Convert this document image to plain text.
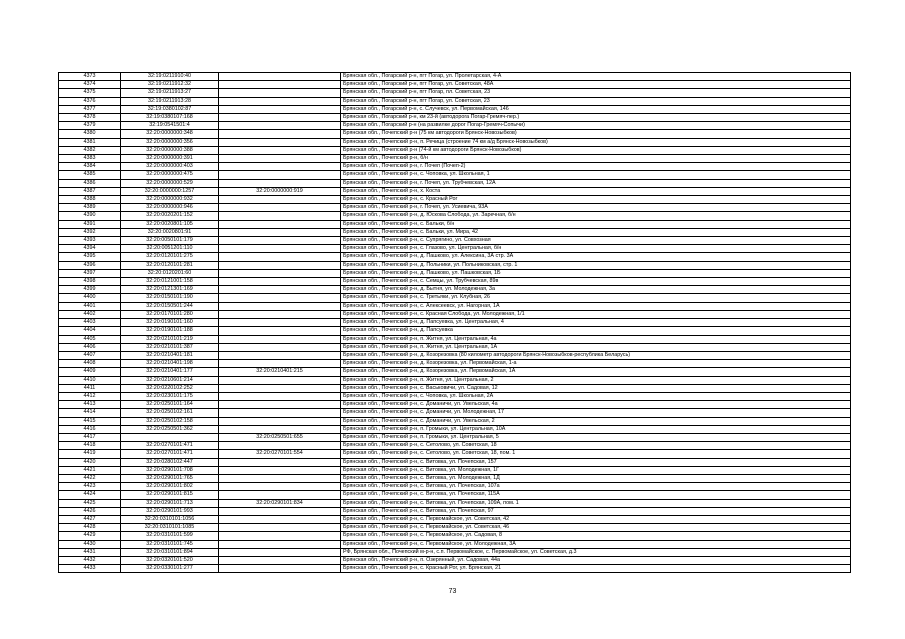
4373	32:19:0211910:40		Брянская обл., Погарский р-н, пгт Погар, ул. Пролетарская, 4-А
4374	32:19:0211912:32		Брянская обл., Погарский р-н, пгт Погар, ул. Советская, 48А
4375	32:19:0211913:27		Брянская обл., Погарский р-н, пгт Погар, пл. Советская, 23
4376	32:19:0211913:28		Брянская обл., Погарский р-н, пгт Погар, ул. Советская, 23
4377	32:19:0380102:87		Брянская обл., Погарский р-н, с. Случевск, ул. Первомайская, 146
4378	32:19:0380107:168		Брянская обл., Погарский р-н, км 23-й (автодорога Погар-Гремяч-пер.)
4379	32:19:0541501:4		Брянская обл., Погарский р-н (на развилке дорог Погар-Гремяч-Сопычи)
4380	32:20:0000000:348		Брянская обл., Почепский р-н (75 км автодороги Брянск-Новозыбков)
4381	32:20:0000000:356		Брянская обл., Почепский р-н, п. Речица (строение 74 км а/д Брянск-Новозыбков)
4382	32:20:0000000:388		Брянская обл., Почепский р-н (74-й км автодороги Брянск-Новозыбков)
4383	32:20:0000000:391		Брянская обл., Почепский р-н, б/н
4384	32:20:0000000:403		Брянская обл., Почепский р-н, г. Почеп (Почеп-2)
4385	32:20:0000000:475		Брянская обл., Почепский р-н, с. Чоповка, ул. Школьная, 1
4386	32:20:0000000:529		Брянская обл., Почепский р-н, г. Почеп, ул. Трубчевская, 12А
4387	32:20:0000000:1257	32:20:0000000:919	Брянская обл., Почепский р-н, х. Коста
4388	32:20:0000000:932		Брянская обл., Почепский р-н, с. Красный Рог
4389	32:20:0000000:946		Брянская обл., Почепский р-н, г. Почеп, ул. Усиевича, 93А
4390	32:20:0020201:152		Брянская обл., Почепский р-н, д. Юсковa Слобода, ул. Заречная, б/н
4391	32:20:0020801:105		Брянская обл., Почепский р-н, с. Бальки, б/н
4392	32:20:0020801:91		Брянская обл., Почепский р-н, с. Бальки, ул. Мира, 42
4393	32:20:0050101:179		Брянская обл., Почепский р-н, с. Супрягино, ул. Совхозная
4394	32:20:0051201:110		Брянская обл., Почепский р-н, с. Глазово, ул. Центральная, б/н
4395	32:20:0120101:275		Брянская обл., Почепский р-н, д. Пашково, ул. Алексина, 3А стр. 3А
4396	32:20:0120101:281		Брянская обл., Почепский р-н, д. Польники, ул. Польниковская, стр. 1
4397	32:20:0120201:60		Брянская обл., Почепский р-н, д. Пашково, ул. Пашковская, 1Б
4398	32:20:0121001:158		Брянская обл., Почепский р-н, с. Семцы, ул. Трубчевская, 89в
4399	32:20:0121301:169		Брянская обл., Почепский р-н, д. Бытня, ул. Молодежная, 3а
4400	32:20:0150101:190		Брянская обл., Почепский р-н, с. Третьяки, ул. Клубная, 26
4401	32:20:0150501:244		Брянская обл., Почепский р-н, с. Алексеевск, ул. Нагорная, 1А
4402	32:20:0170101:280		Брянская обл., Почепский р-н, с. Красная Слобода, ул. Молодежная, 1/1
4403	32:20:0190101:160		Брянская обл., Почепский р-н, д. Папсуевка, ул. Центральная, 4
4404	32:20:0190101:188		Брянская обл., Почепский р-н, д. Папсуевка
4405	32:20:0210101:219		Брянская обл., Почепский р-н, п. Житня, ул. Центральная, 4а
4406	32:20:0210101:387		Брянская обл., Почепский р-н, п. Житня, ул. Центральная, 1А
4407	32:20:0210401:181		Брянская обл., Почепский р-н, д. Козорезовка (80 километр автодороги Брянск-Новозыбков-республика Беларусь)
4408	32:20:0210401:198		Брянская обл., Почепский р-н, д. Козорезовка, ул. Первомайская, 1-а
4409	32:20:0210401:177	32:20:0210401:215	Брянская обл., Почепский р-н, д. Козорезовка, ул. Первомайская, 1А
4410	32:20:0210601:214		Брянская обл., Почепский р-н, п. Житня, ул. Центральная, 2
4411	32:20:0220102:252		Брянская обл., Почепский р-н, с. Васьковичи, ул. Садовая, 12
4412	32:20:0230101:175		Брянская обл., Почепский р-н, с. Чоповка, ул. Школьная, 2А
4413	32:20:0250101:164		Брянская обл., Почепский р-н, с. Доманичи, ул. Увельская, 4а
4414	32:20:0250102:161		Брянская обл., Почепский р-н, с. Доманичи, ул. Молодежная, 17
4415	32:20:0250102:158		Брянская обл., Почепский р-н, с. Доманичи, ул. Увельская, 2
4416	32:20:0250501:362		Брянская обл., Почепский р-н, п. Громыки, ул. Центральная, 10А
4417		32:20:0250501:655	Брянская обл., Почепский р-н, п. Громыки, ул. Центральная, 5
4418	32:20:0270101:471		Брянская обл., Почепский р-н, с. Сетолово, ул. Советская, 18
4419	32:20:0270101:471	32:20:0270101:554	Брянская обл., Почепский р-н, с. Сетолово, ул. Советская, 18, пом. 1
4420	32:20:0280102:447		Брянская обл., Почепский р-н, с. Витовка, ул. Почепская, 157
4421	32:20:0290101:708		Брянская обл., Почепский р-н, с. Витовка, ул. Молодежная, 1Г
4422	32:20:0290101:765		Брянская обл., Почепский р-н, с. Витовка, ул. Молодежная, 1Д
4423	32:20:0290101:802		Брянская обл., Почепский р-н, с. Витовка, ул. Почепская, 107а
4424	32:20:0290101:815		Брянская обл., Почепский р-н, с. Витовка, ул. Почепская, 115А
4425	32:20:0290101:713	32:20:0290101:834	Брянская обл., Почепский р-н, с. Витовка, ул. Почепская, 109А, пом. 1
4426	32:20:0290101:993		Брянская обл., Почепский р-н, с. Витовка, ул. Почепская, 97
4427	32:20:0310101:1056		Брянская обл., Почепский р-н, с. Первомайское, ул. Советская, 42
4428	32:20:0310101:1085		Брянская обл., Почепский р-н, с. Первомайское, ул. Советская, 46
4429	32:20:0310101:599		Брянская обл., Почепский р-н, с. Первомайское, ул. Садовая, 8
4430	32:20:0310101:745		Брянская обл., Почепский р-н, с. Первомайское, ул. Молодежная, 3А
4431	32:20:0310101:894		РФ, Брянская обл., Почепский м-р-н, с.п. Первомайское, с. Первомайское, ул. Советская, д.3
4432	32:20:0320101:520		Брянская обл., Почепский р-н, п. Озерянный, ул. Садовая, 44а
4433	32:20:0330101:277		Брянская обл., Почепский р-н, с. Красный Рог, ул. Брянская, 21
73
